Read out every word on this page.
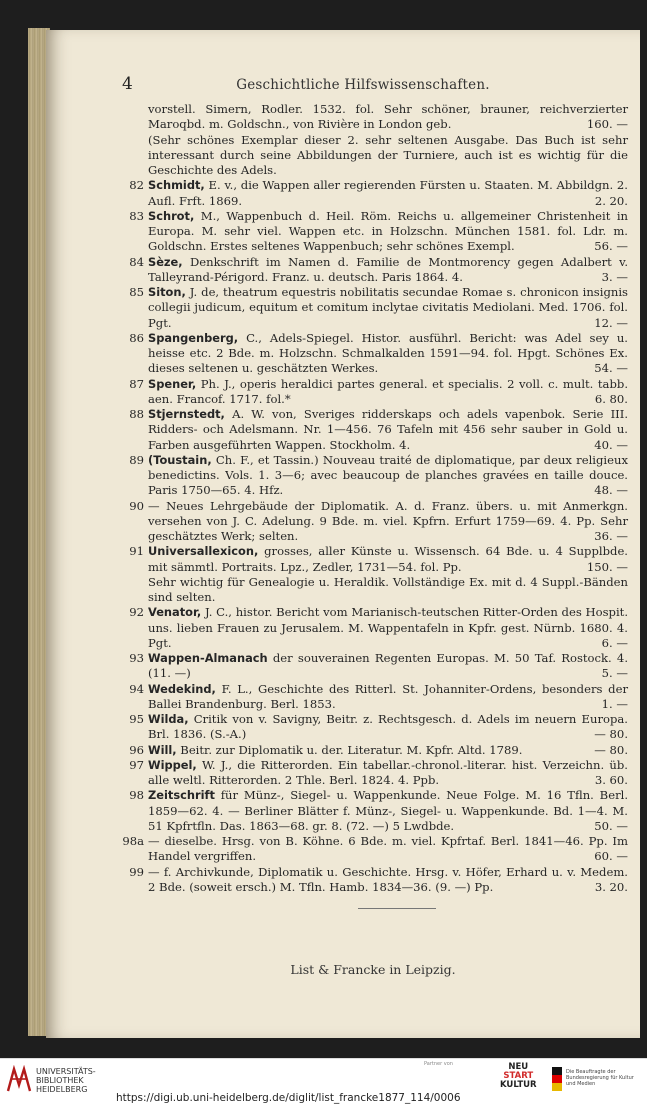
4	Geschichtliche Hilfswissenschaften.
vorstell. Simern, Rodler. 1532. fol. Sehr schöner, brauner, reichverzierter Maroqbd. m. Goldschn., von Rivière in London geb.	160. —
(Sehr schönes Exemplar dieser 2. sehr seltenen Ausgabe. Das Buch ist sehr interessant durch seine Abbildungen der Turniere, auch ist es wichtig für die Geschichte des Adels.
82 Schmidt, E. v., die Wappen aller regierenden Fürsten u. Staaten. M. Abbildgn. 2. Aufl. Frft. 1869.	2. 20.
83 Schrot, M., Wappenbuch d. Heil. Röm. Reichs u. allgemeiner Christenheit in Europa. M. sehr viel. Wappen etc. in Holzschn. München 1581. fol. Ldr. m. Goldschn. Erstes seltenes Wappenbuch; sehr schönes Exempl.	56. —
84 Sèze, Denkschrift im Namen d. Familie de Montmorency gegen Adalbert v. Talleyrand-Périgord. Franz. u. deutsch. Paris 1864. 4.	3. —
85 Siton, J. de, theatrum equestris nobilitatis secundae Romae s. chronicon insignis collegii judicum, equitum et comitum inclytae civitatis Mediolani. Med. 1706. fol. Pgt.	12. —
86 Spangenberg, C., Adels-Spiegel. Histor. ausführl. Bericht: was Adel sey u. heisse etc. 2 Bde. m. Holzschn. Schmalkalden 1591—94. fol. Hpgt. Schönes Ex. dieses seltenen u. geschätzten Werkes.	54. —
87 Spener, Ph. J., operis heraldici partes general. et specialis. 2 voll. c. mult. tabb. aen. Francof. 1717. fol.*	6. 80.
88 Stjernstedt, A. W. von, Sveriges ridderskaps och adels vapenbok. Serie III. Ridders- och Adelsmann. Nr. 1—456. 76 Tafeln mit 456 sehr sauber in Gold u. Farben ausgeführten Wappen. Stockholm. 4.	40. —
89 (Toustain, Ch. F., et Tassin.) Nouveau traité de diplomatique, par deux religieux benedictins. Vols. 1. 3—6; avec beaucoup de planches gravées en taille douce. Paris 1750—65. 4. Hfz.	48. —
90 — Neues Lehrgebäude der Diplomatik. A. d. Franz. übers. u. mit Anmerkgn. versehen von J. C. Adelung. 9 Bde. m. viel. Kpfrn. Erfurt 1759—69. 4. Pp. Sehr geschätztes Werk; selten.	36. —
91 Universallexicon, grosses, aller Künste u. Wissensch. 64 Bde. u. 4 Supplbde. mit sämmtl. Portraits. Lpz., Zedler, 1731—54. fol. Pp.	150. —
Sehr wichtig für Genealogie u. Heraldik. Vollständige Ex. mit d. 4 Suppl.-Bänden sind selten.
92 Venator, J. C., histor. Bericht vom Marianisch-teutschen Ritter-Orden des Hospit. uns. lieben Frauen zu Jerusalem. M. Wappentafeln in Kpfr. gest. Nürnb. 1680. 4. Pgt.	6. —
93 Wappen-Almanach der souverainen Regenten Europas. M. 50 Taf. Rostock. 4. (11. —)	5. —
94 Wedekind, F. L., Geschichte des Ritterl. St. Johanniter-Ordens, besonders der Ballei Brandenburg. Berl. 1853.	1. —
95 Wilda, Critik von v. Savigny, Beitr. z. Rechtsgesch. d. Adels im neuern Europa. Brl. 1836. (S.-A.)	— 80.
96 Will, Beitr. zur Diplomatik u. der. Literatur. M. Kpfr. Altd. 1789.	— 80.
97 Wippel, W. J., die Ritterorden. Ein tabellar.-chronol.-literar. hist. Verzeichn. üb. alle weltl. Ritterorden. 2 Thle. Berl. 1824. 4. Ppb.	3. 60.
98 Zeitschrift für Münz-, Siegel- u. Wappenkunde. Neue Folge. M. 16 Tfln. Berl. 1859—62. 4. — Berliner Blätter f. Münz-, Siegel- u. Wappenkunde. Bd. 1—4. M. 51 Kpfrtfln. Das. 1863—68. gr. 8. (72. —) 5 Lwdbde.	50. —
98a — dieselbe. Hrsg. von B. Köhne. 6 Bde. m. viel. Kpfrtaf. Berl. 1841—46. Pp. Im Handel vergriffen.	60. —
99 — f. Archivkunde, Diplomatik u. Geschichte. Hrsg. v. Höfer, Erhard u. v. Medem. 2 Bde. (soweit ersch.) M. Tfln. Hamb. 1834—36. (9. —) Pp.	3. 20.
List & Francke in Leipzig.
UNIVERSITÄTS-
BIBLIOTHEK
HEIDELBERG
Partner von	NEU
START
KULTUR
Die Beauftragte der Bundesregierung für Kultur und Medien
https://digi.ub.uni-heidelberg.de/diglit/list_francke1877_114/0006
